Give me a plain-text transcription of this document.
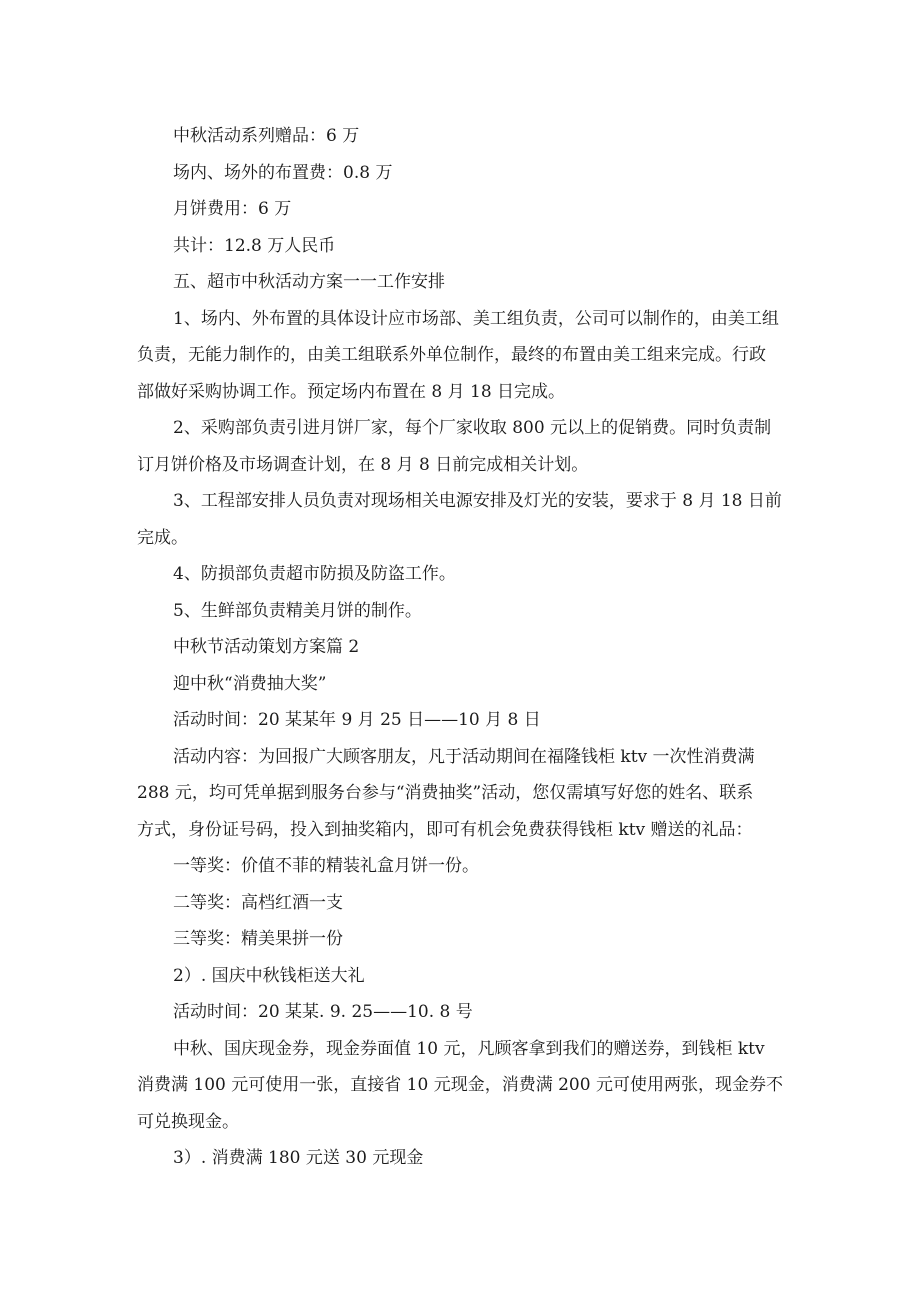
中秋活动系列赠品：6 万
场内、场外的布置费：0.8 万
月饼费用：6 万
共计：12.8 万人民币
五、超市中秋活动方案一一工作安排
1、场内、外布置的具体设计应市场部、美工组负责，公司可以制作的，由美工组
负责，无能力制作的，由美工组联系外单位制作，最终的布置由美工组来完成。行政
部做好采购协调工作。预定场内布置在 8 月 18 日完成。
2、采购部负责引进月饼厂家，每个厂家收取 800 元以上的促销费。同时负责制
订月饼价格及市场调查计划，在 8 月 8 日前完成相关计划。
3、工程部安排人员负责对现场相关电源安排及灯光的安装，要求于 8 月 18 日前
完成。
4、防损部负责超市防损及防盗工作。
5、生鲜部负责精美月饼的制作。
中秋节活动策划方案篇 2
迎中秋“消费抽大奖”
活动时间：20 某某年 9 月 25 日——10 月 8 日
活动内容：为回报广大顾客朋友，凡于活动期间在福隆钱柜 ktv 一次性消费满
288 元，均可凭单据到服务台参与“消费抽奖”活动，您仅需填写好您的姓名、联系
方式，身份证号码，投入到抽奖箱内，即可有机会免费获得钱柜 ktv 赠送的礼品：
一等奖：价值不菲的精装礼盒月饼一份。
二等奖：高档红酒一支
三等奖：精美果拼一份
2）. 国庆中秋钱柜送大礼
活动时间：20 某某. 9. 25——10. 8 号
中秋、国庆现金券，现金券面值 10 元，凡顾客拿到我们的赠送券，到钱柜 ktv
消费满 100 元可使用一张，直接省 10 元现金，消费满 200 元可使用两张，现金券不
可兑换现金。
3）. 消费满 180 元送 30 元现金
